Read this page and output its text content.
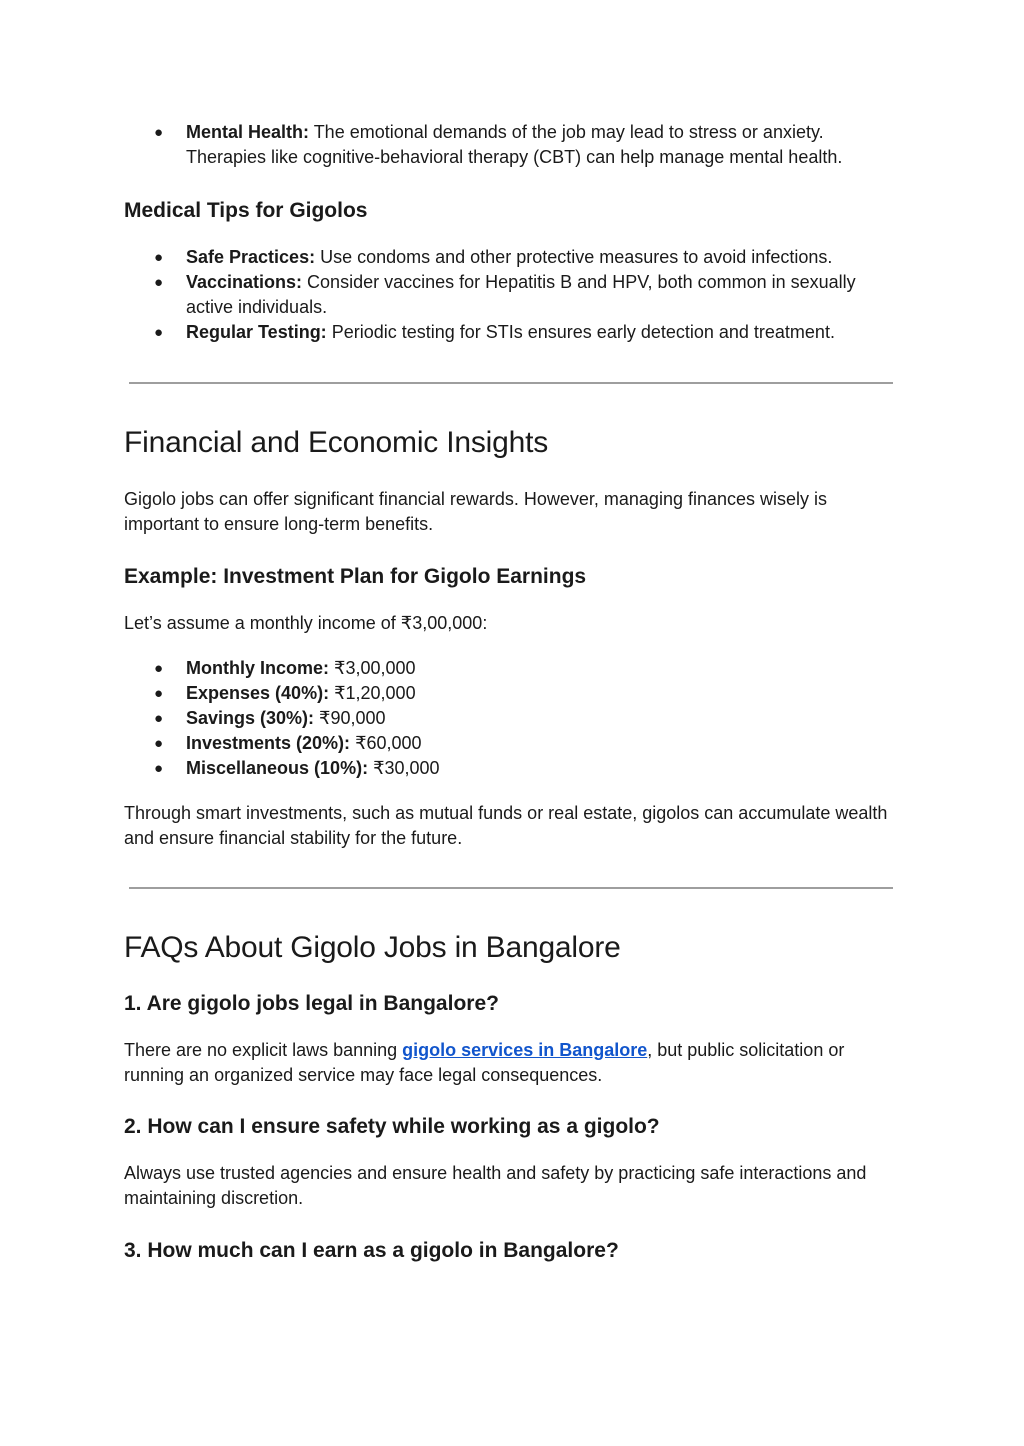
● Mental Health: The emotional demands of the job may lead to stress or anxiety. Therapies like cognitive-behavioral therapy (CBT) can help manage mental health.
Medical Tips for Gigolos
● Safe Practices: Use condoms and other protective measures to avoid infections.
● Vaccinations: Consider vaccines for Hepatitis B and HPV, both common in sexually active individuals.
● Regular Testing: Periodic testing for STIs ensures early detection and treatment.
Financial and Economic Insights

Gigolo jobs can offer significant financial rewards. However, managing finances wisely is important to ensure long-term benefits.

Example: Investment Plan for Gigolo Earnings

Let’s assume a monthly income of ₹3,00,000:

● Monthly Income: ₹3,00,000
● Expenses (40%): ₹1,20,000
● Savings (30%): ₹90,000
● Investments (20%): ₹60,000
● Miscellaneous (10%): ₹30,000

Through smart investments, such as mutual funds or real estate, gigolos can accumulate wealth and ensure financial stability for the future.

FAQs About Gigolo Jobs in Bangalore
1. Are gigolo jobs legal in Bangalore?

There are no explicit laws banning gigolo services in Bangalore, but public solicitation or running an organized service may face legal consequences.

2. How can I ensure safety while working as a gigolo?

Always use trusted agencies and ensure health and safety by practicing safe interactions and maintaining discretion.

3. How much can I earn as a gigolo in Bangalore?
